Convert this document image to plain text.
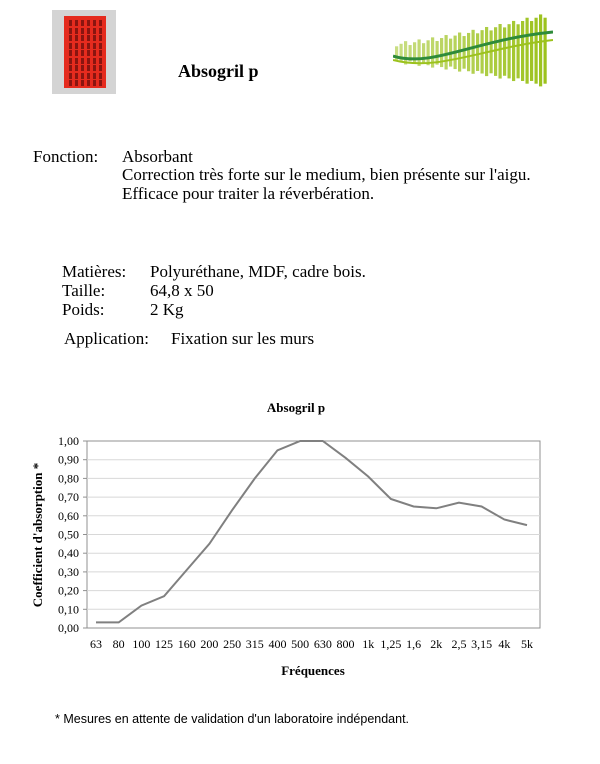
Absogril p
Fonction: Absorbant
Correction très forte sur le medium, bien présente sur l'aigu.
Efficace pour traiter la réverbération.
Matières: Polyuréthane, MDF, cadre bois.
Taille:	64,8 x 50
Poids:	2 Kg
Application: Fixation sur les murs
Absogril p
0,00
0,10
0,20
0,30
0,40
0,50
0,60
0,70
0,80
0,90
1,00
63 80 100 125 160 200 250 315 400 500 630 800 1k 1,25 1,6 2k 2,5 3,15 4k 5k
Fréquences
Coefficient d'absorption *
* Mesures en attente de validation d'un laboratoire indépendant.
